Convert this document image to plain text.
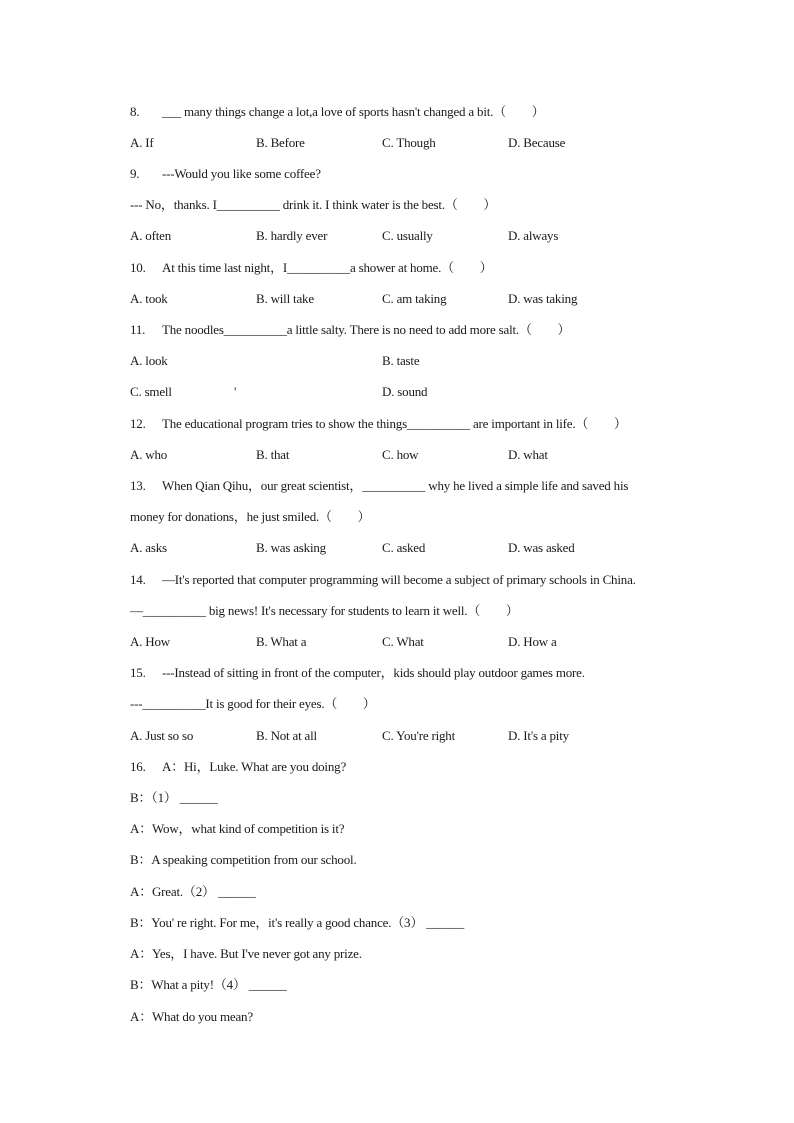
8. ___ many things change a lot,a love of sports hasn't changed a bit.（　　）
A. If	B. Before	C. Though	D. Because
9. ---Would you like some coffee?
--- No，thanks. I__________ drink it. I think water is the best.（　　）
A. often	B. hardly ever	C. usually	D. always
10. At this time last night，I__________a shower at home.（　　）
A. took	B. will take	C. am taking	D. was taking
11. The noodles__________a little salty. There is no need to add more salt.（　　）
A. look	B. taste
C. smell	'	D. sound
12. The educational program tries to show the things__________ are important in life.（　　）
A. who	B. that	C. how	D. what
13. When Qian Qihu，our great scientist，__________ why he lived a simple life and saved his
money for donations，he just smiled.（　　）
A. asks	B. was asking	C. asked	D. was asked
14. —It's reported that computer programming will become a subject of primary schools in China.
—__________ big news! It's necessary for students to learn it well.（　　）
A. How	B. What a	C. What	D. How a
15. ---Instead of sitting in front of the computer，kids should play outdoor games more.
---__________It is good for their eyes.（　　）
A. Just so so	B. Not at all	C. You're right	D. It's a pity
16. A：Hi，Luke. What are you doing?
B：（1） ______
A：Wow，what kind of competition is it?
B：A speaking competition from our school.
A：Great.（2） ______
B：You' re right. For me，it's really a good chance.（3） ______
A：Yes，I have. But I've never got any prize.
B：What a pity!（4） ______
A：What do you mean?
